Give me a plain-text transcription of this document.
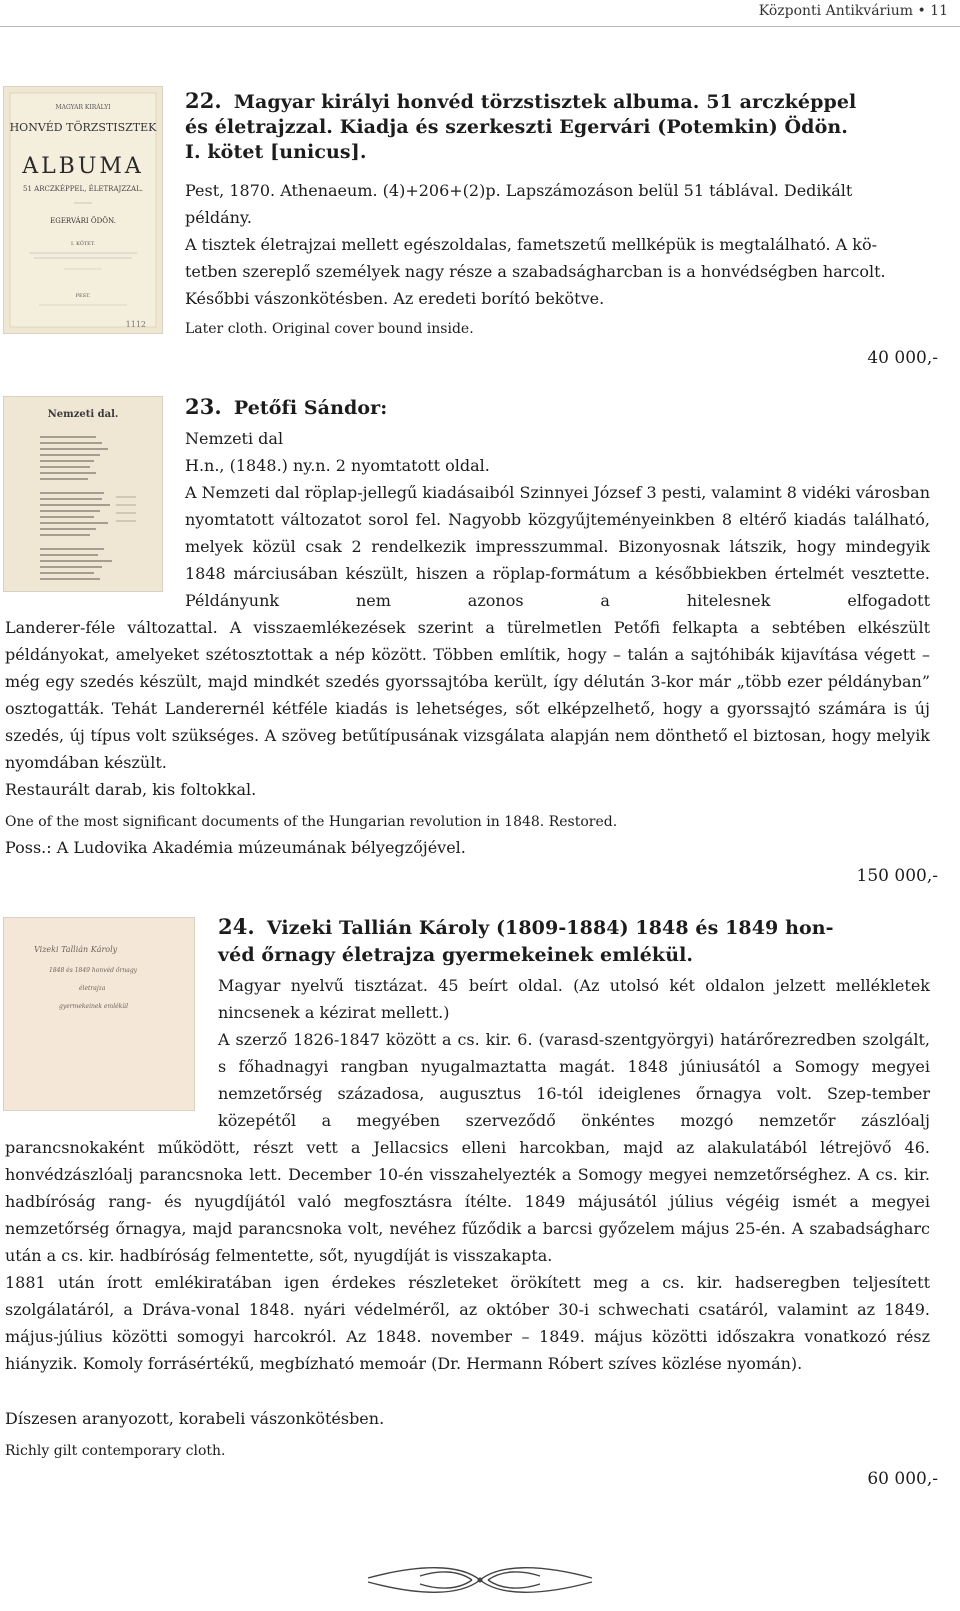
Központi Antikvárium • 11
MAGYAR KIRÁLYI
HONVÉD TÖRZSTISZTEK
ALBUMA
51 ARCZKÉPPEL, ÉLETRAJZZAL.
EGERVÁRI ÖDÖN.
I. KÖTET.
PEST.
1112
22. Magyar királyi honvéd törzstisztek albuma. 51 arczképpel
és életrajzzal. Kiadja és szerkeszti Egervári (Potemkin) Ödön.
I. kötet [unicus].
Pest, 1870. Athenaeum. (4)+206+(2)p. Lapszámozáson belül 51 táblával. Dedikált
példány.
A tisztek életrajzai mellett egészoldalas, fametszetű mellképük is megtalálható. A kö-
tetben szereplő személyek nagy része a szabadságharcban is a honvédségben harcolt.
Későbbi vászonkötésben. Az eredeti borító bekötve.
Later cloth. Original cover bound inside.
40 000,-
Nemzeti dal.	23. Petőfi Sándor:
Nemzeti dal
H.n., (1848.) ny.n. 2 nyomtatott oldal.
A Nemzeti dal röplap-jellegű kiadásaiból Szinnyei József 3 pesti, valamint 8 vidéki városban nyomtatott változatot sorol fel. Nagyobb közgyűjteményeinkben 8 eltérő kiadás található, melyek közül csak 2 rendelkezik impresszummal. Bizonyosnak látszik, hogy mindegyik 1848 márciusában készült, hiszen a röplap-formátum a későbbiekben értelmét vesztette. Példányunk nem azonos a hitelesnek elfogadott
Landerer-féle változattal. A visszaemlékezések szerint a türelmetlen Petőfi felkapta a sebtében elkészült példányokat, amelyeket szétosztottak a nép között. Többen említik, hogy – talán a sajtóhibák kijavítása végett – még egy szedés készült, majd mindkét szedés gyorssajtóba került, így délután 3-kor már „több ezer példányban” osztogatták. Tehát Landerernél kétféle kiadás is lehetséges, sőt elképzelhető, hogy a gyorssajtó számára is új szedés, új típus volt szükséges. A szöveg betűtípusának vizsgálata alapján nem dönthető el biztosan, hogy melyik nyomdában készült.
Restaurált darab, kis foltokkal.
One of the most significant documents of the Hungarian revolution in 1848. Restored.
Poss.: A Ludovika Akadémia múzeumának bélyegzőjével.
150 000,-
Vizeki Tallián Károly
1848 és 1849 honvéd őrnagy
életrajza
gyermekeinek emlékül
24. Vizeki Tallián Károly (1809-1884) 1848 és 1849 hon-
véd őrnagy életrajza gyermekeinek emlékül.
Magyar nyelvű tisztázat. 45 beírt oldal. (Az utolsó két oldalon jelzett mellékletek nincsenek a kézirat mellett.)
A szerző 1826-1847 között a cs. kir. 6. (varasd-szentgyörgyi) határőrezredben szolgált, s főhadnagyi rangban nyugalmaztatta magát. 1848 júniusától a Somogy megyei nemzetőrség századosa, augusztus 16-tól ideiglenes őrnagya volt. Szep-tember közepétől a megyében szerveződő önkéntes mozgó nemzetőr zászlóalj
parancsnokaként működött, részt vett a Jellacsics elleni harcokban, majd az alakulatából létrejövő 46. honvédzászlóalj parancsnoka lett. December 10-én visszahelyezték a Somogy megyei nemzetőrséghez. A cs. kir. hadbíróság rang- és nyugdíjától való megfosztásra ítélte. 1849 májusától július végéig ismét a megyei nemzetőrség őrnagya, majd parancsnoka volt, nevéhez fűződik a barcsi győzelem május 25-én. A szabadságharc után a cs. kir. hadbíróság felmentette, sőt, nyugdíját is visszakapta.
1881 után írott emlékiratában igen érdekes részleteket örökített meg a cs. kir. hadseregben teljesített szolgálatáról, a Dráva-vonal 1848. nyári védelméről, az október 30-i schwechati csatáról, valamint az 1849. május-július közötti somogyi harcokról. Az 1848. november – 1849. május közötti időszakra vonatkozó rész hiányzik. Komoly forrásértékű, megbízható memoár (Dr. Hermann Róbert szíves közlése nyomán).
Díszesen aranyozott, korabeli vászonkötésben.
Richly gilt contemporary cloth.
60 000,-
